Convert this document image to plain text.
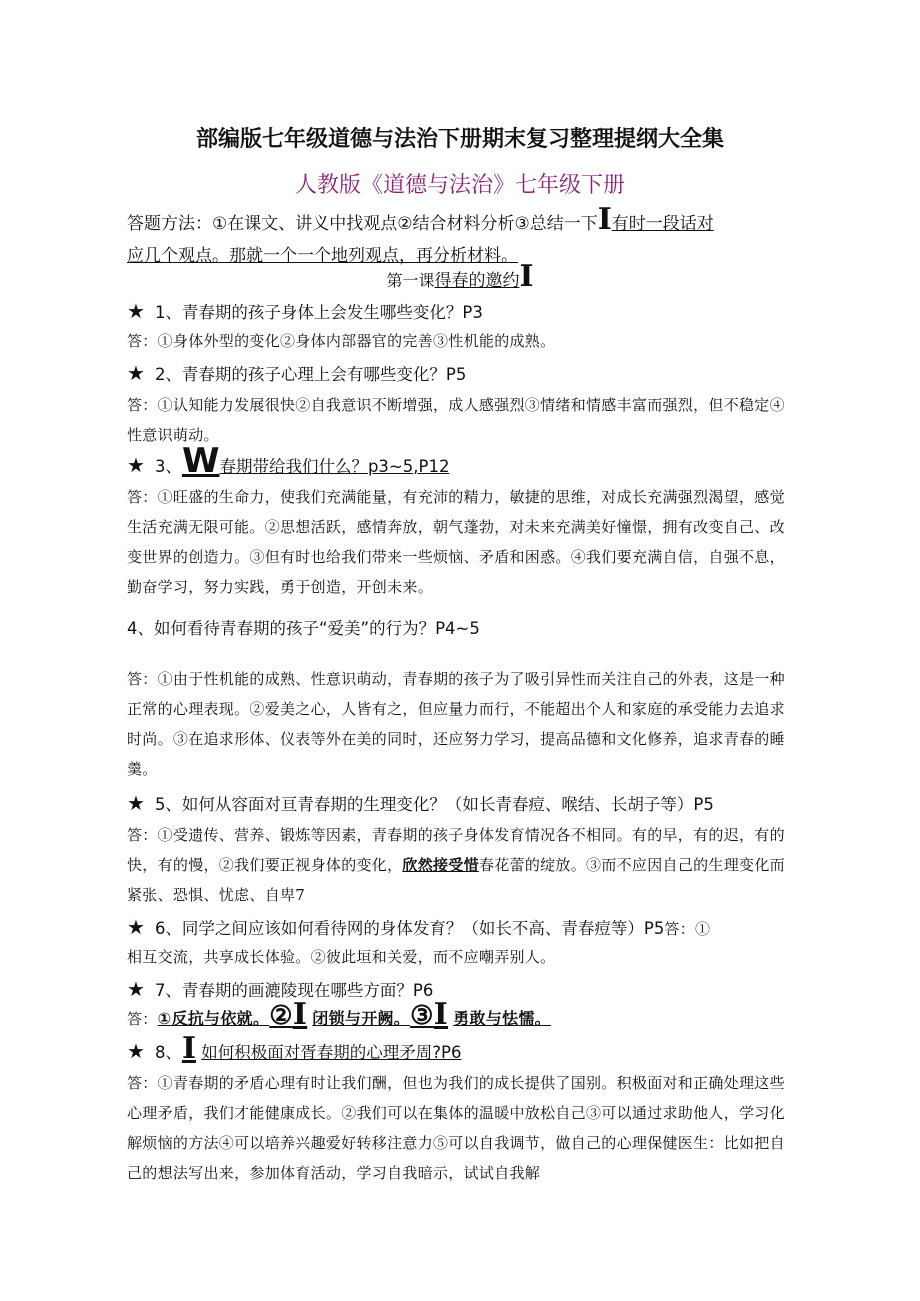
部编版七年级道德与法治下册期末复习整理提纲大全集
人教版《道德与法治》七年级下册
答题方法：①在课文、讲义中找观点②结合材料分析③总结一下I有时一段话对
应几个观点。那就一个一个地列观点，再分析材料。
第一课得春的邀约I
★ 1、青春期的孩子身体上会发生哪些变化？P3
答：①身体外型的变化②身体内部器官的完善③性机能的成熟。
★ 2、青春期的孩子心理上会有哪些变化？P5
答：①认知能力发展很快②自我意识不断增强，成人感强烈③情绪和情感丰富而强烈，但不稳定④性意识萌动。
★ 3、W春期带给我们什么？p3~5,P12
答：①旺盛的生命力，使我们充满能量，有充沛的精力，敏捷的思维，对成长充满强烈渴望，感觉生活充满无限可能。②思想活跃，感情奔放，朝气蓬勃，对未来充满美好憧憬，拥有改变自己、改变世界的创造力。③但有时也给我们带来一些烦恼、矛盾和困惑。④我们要充满自信，自强不息，勤奋学习，努力实践，勇于创造，开创未来。
4、如何看待青春期的孩子“爱美”的行为？P4~5
答：①由于性机能的成熟、性意识萌动，青春期的孩子为了吸引异性而关注自己的外表，这是一种正常的心理表现。②爱美之心，人皆有之，但应量力而行，不能超出个人和家庭的承受能力去追求时尚。③在追求形体、仪表等外在美的同时，还应努力学习，提高品德和文化修养，追求青春的睡羹。
★ 5、如何从容面对亘青春期的生理变化？（如长青春痘、喉结、长胡子等）P5
答：①受遗传、营养、锻炼等因素，青春期的孩子身体发育情况各不相同。有的早，有的迟，有的快，有的慢，②我们要正视身体的变化，欣然接受惜春花蕾的绽放。③而不应因自己的生理变化而紧张、恐惧、忧虑、自卑7
★ 6、同学之间应该如何看待网的身体发育？（如长不高、青春痘等）P5答：①
相互交流，共享成长体验。②彼此垣和关爱，而不应嘲弄别人。
★ 7、青春期的画漉陵现在哪些方面？P6
答：①反抗与依就。②I 闭锁与开阙。③I 勇敢与怯懦。
★ 8、I 如何积极面对胥春期的心理矛周?P6
答：①青春期的矛盾心理有时让我们酬，但也为我们的成长提供了国别。积极面对和正确处理这些心理矛盾，我们才能健康成长。②我们可以在集体的温暖中放松自己③可以通过求助他人，学习化解烦恼的方法④可以培养兴趣爱好转移注意力⑤可以自我调节，做自己的心理保健医生：比如把自己的想法写出来，参加体育活动，学习自我暗示，试试自我解
